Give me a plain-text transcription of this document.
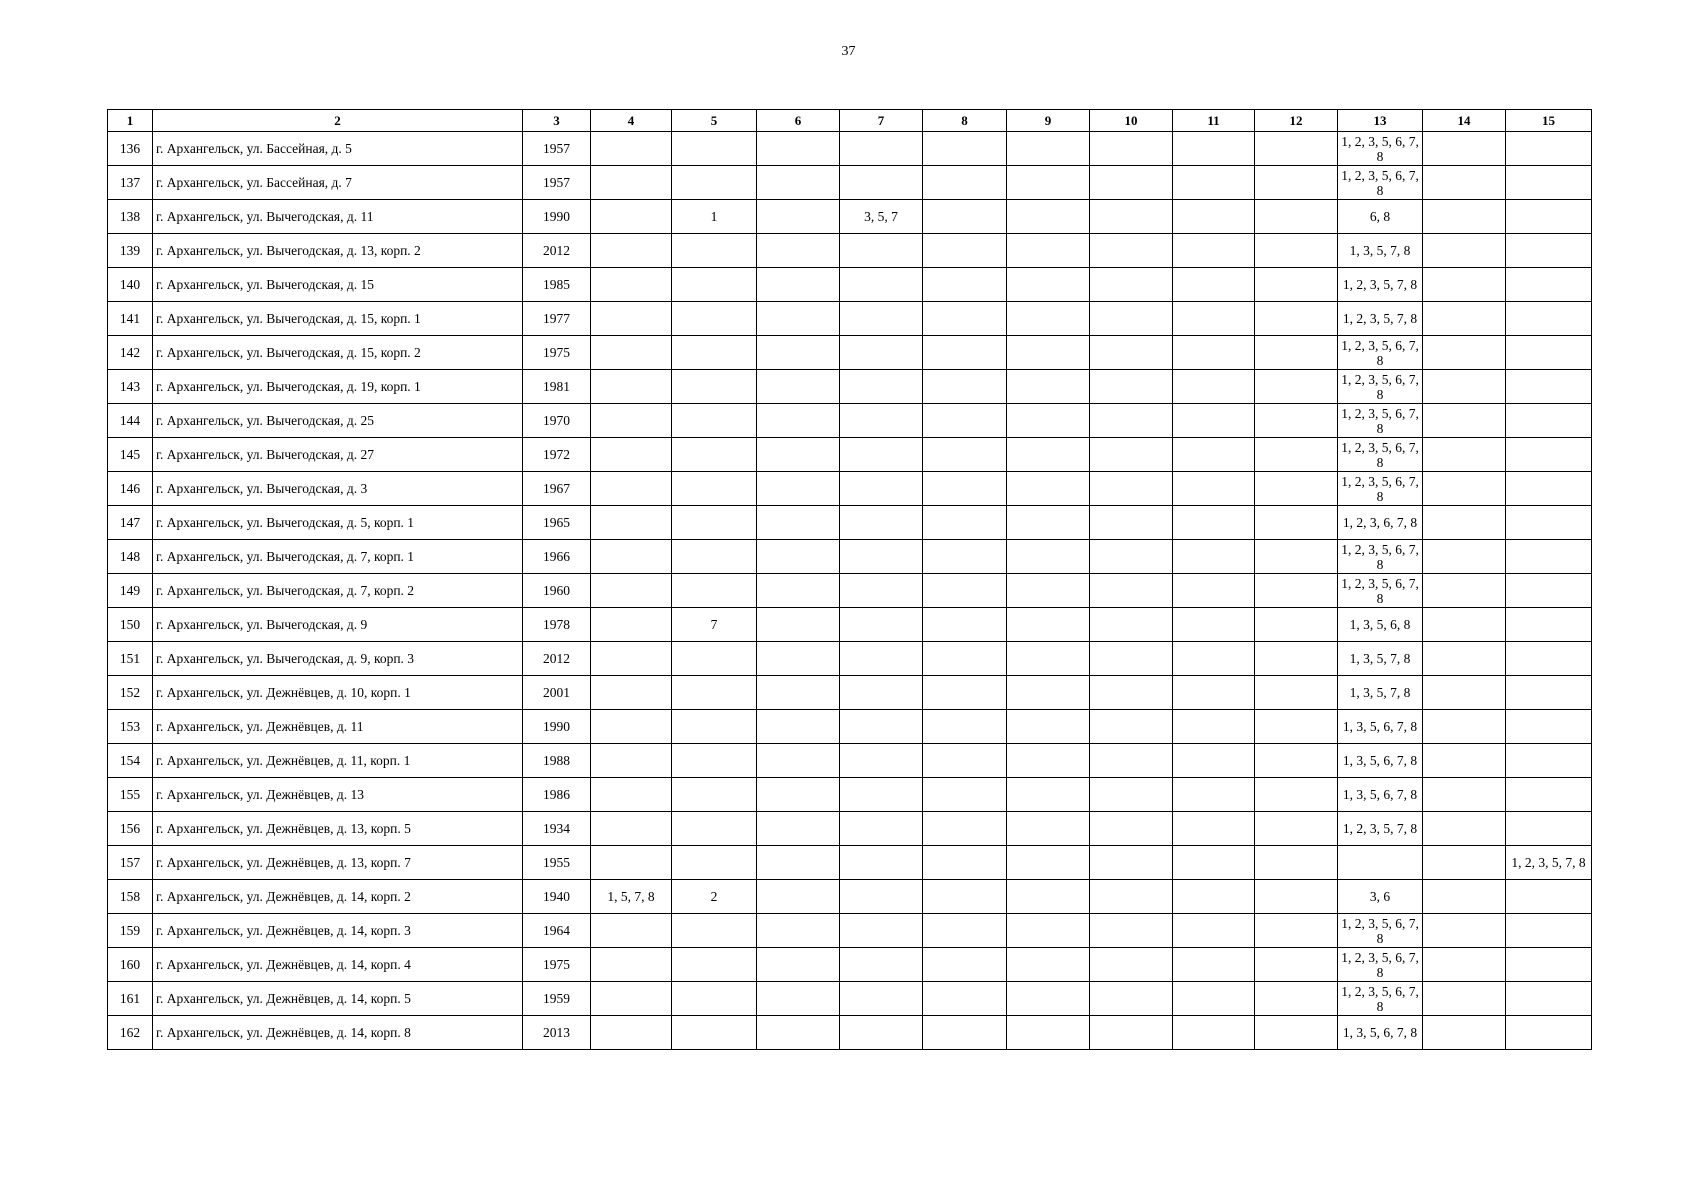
37
1	2	3	4	5	6	7	8	9	10	11	12	13	14	15
136	г. Архангельск, ул. Бассейная, д. 5	1957										1, 2, 3, 5, 6, 7, 8		
137	г. Архангельск, ул. Бассейная, д. 7	1957										1, 2, 3, 5, 6, 7, 8		
138	г. Архангельск, ул. Вычегодская, д. 11	1990		1		3, 5, 7						6, 8		
139	г. Архангельск, ул. Вычегодская, д. 13, корп. 2	2012										1, 3, 5, 7, 8		
140	г. Архангельск, ул. Вычегодская, д. 15	1985										1, 2, 3, 5, 7, 8		
141	г. Архангельск, ул. Вычегодская, д. 15, корп. 1	1977										1, 2, 3, 5, 7, 8		
142	г. Архангельск, ул. Вычегодская, д. 15, корп. 2	1975										1, 2, 3, 5, 6, 7, 8		
143	г. Архангельск, ул. Вычегодская, д. 19, корп. 1	1981										1, 2, 3, 5, 6, 7, 8		
144	г. Архангельск, ул. Вычегодская, д. 25	1970										1, 2, 3, 5, 6, 7, 8		
145	г. Архангельск, ул. Вычегодская, д. 27	1972										1, 2, 3, 5, 6, 7, 8		
146	г. Архангельск, ул. Вычегодская, д. 3	1967										1, 2, 3, 5, 6, 7, 8		
147	г. Архангельск, ул. Вычегодская, д. 5, корп. 1	1965										1, 2, 3, 6, 7, 8		
148	г. Архангельск, ул. Вычегодская, д. 7, корп. 1	1966										1, 2, 3, 5, 6, 7, 8		
149	г. Архангельск, ул. Вычегодская, д. 7, корп. 2	1960										1, 2, 3, 5, 6, 7, 8		
150	г. Архангельск, ул. Вычегодская, д. 9	1978		7								1, 3, 5, 6, 8		
151	г. Архангельск, ул. Вычегодская, д. 9, корп. 3	2012										1, 3, 5, 7, 8		
152	г. Архангельск, ул. Дежнёвцев, д. 10, корп. 1	2001										1, 3, 5, 7, 8		
153	г. Архангельск, ул. Дежнёвцев, д. 11	1990										1, 3, 5, 6, 7, 8		
154	г. Архангельск, ул. Дежнёвцев, д. 11, корп. 1	1988										1, 3, 5, 6, 7, 8		
155	г. Архангельск, ул. Дежнёвцев, д. 13	1986										1, 3, 5, 6, 7, 8		
156	г. Архангельск, ул. Дежнёвцев, д. 13, корп. 5	1934										1, 2, 3, 5, 7, 8		
157	г. Архангельск, ул. Дежнёвцев, д. 13, корп. 7	1955												1, 2, 3, 5, 7, 8
158	г. Архангельск, ул. Дежнёвцев, д. 14, корп. 2	1940	1, 5, 7, 8	2								3, 6		
159	г. Архангельск, ул. Дежнёвцев, д. 14, корп. 3	1964										1, 2, 3, 5, 6, 7, 8		
160	г. Архангельск, ул. Дежнёвцев, д. 14, корп. 4	1975										1, 2, 3, 5, 6, 7, 8		
161	г. Архангельск, ул. Дежнёвцев, д. 14, корп. 5	1959										1, 2, 3, 5, 6, 7, 8		
162	г. Архангельск, ул. Дежнёвцев, д. 14, корп. 8	2013										1, 3, 5, 6, 7, 8		
